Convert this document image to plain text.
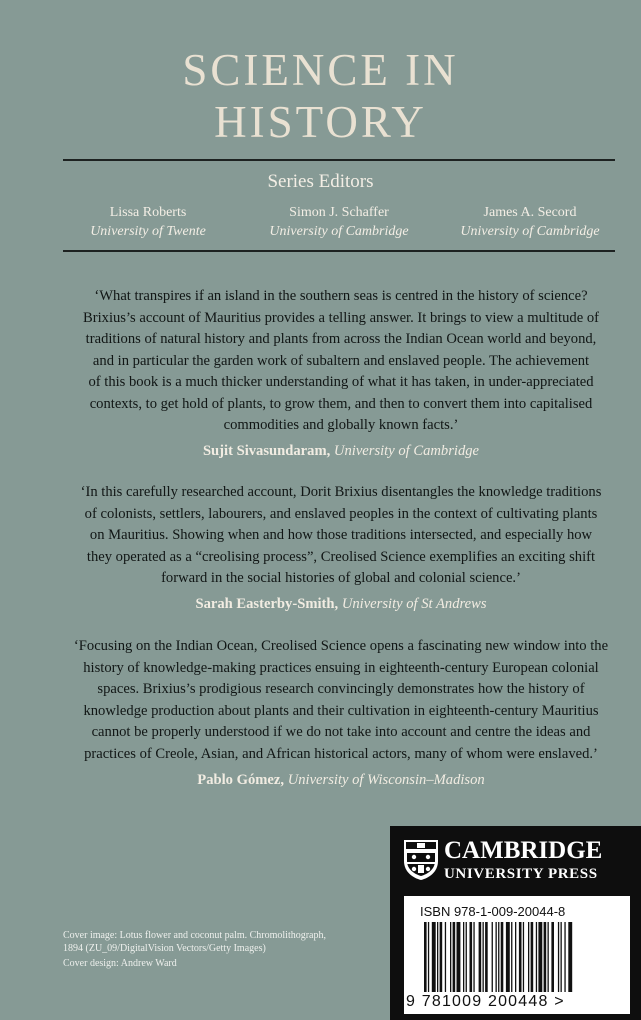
SCIENCE IN
HISTORY
Series Editors
Lissa Roberts
University of Twente
Simon J. Schaffer
University of Cambridge
James A. Secord
University of Cambridge
‘What transpires if an island in the southern seas is centred in the history of science?
Brixius’s account of Mauritius provides a telling answer. It brings to view a multitude of
traditions of natural history and plants from across the Indian Ocean world and beyond,
and in particular the garden work of subaltern and enslaved people. The achievement
of this book is a much thicker understanding of what it has taken, in under-appreciated
contexts, to get hold of plants, to grow them, and then to convert them into capitalised
commodities and globally known facts.’
Sujit Sivasundaram, University of Cambridge
‘In this carefully researched account, Dorit Brixius disentangles the knowledge traditions
of colonists, settlers, labourers, and enslaved peoples in the context of cultivating plants
on Mauritius. Showing when and how those traditions intersected, and especially how
they operated as a “creolising process”, Creolised Science exemplifies an exciting shift
forward in the social histories of global and colonial science.’
Sarah Easterby-Smith, University of St Andrews
‘Focusing on the Indian Ocean, Creolised Science opens a fascinating new window into the
history of knowledge-making practices ensuing in eighteenth-century European colonial
spaces. Brixius’s prodigious research convincingly demonstrates how the history of
knowledge production about plants and their cultivation in eighteenth-century Mauritius
cannot be properly understood if we do not take into account and centre the ideas and
practices of Creole, Asian, and African historical actors, many of whom were enslaved.’
Pablo Gómez, University of Wisconsin–Madison
Cover image: Lotus flower and coconut palm. Chromolithograph,
1894 (ZU_09/DigitalVision Vectors/Getty Images)
Cover design: Andrew Ward
CAMBRIDGE
UNIVERSITY PRESS
ISBN 978-1-009-20044-8
9 781009 200448 >
